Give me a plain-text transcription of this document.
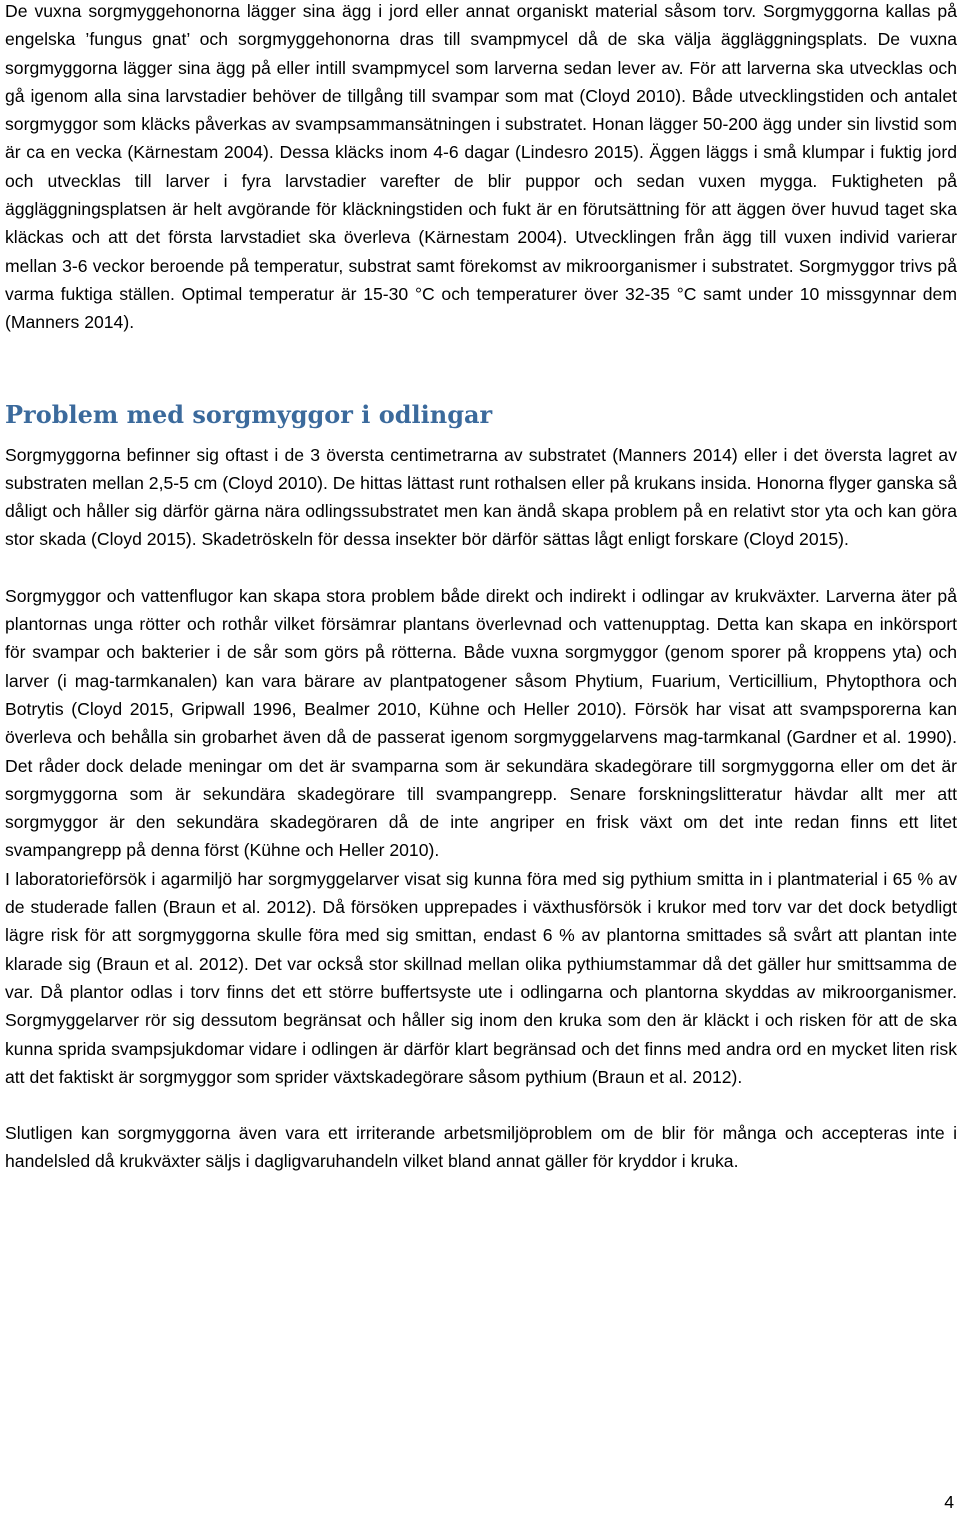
De vuxna sorgmyggehonorna lägger sina ägg i jord eller annat organiskt material såsom torv. Sorgmyggorna kallas på engelska ’fungus gnat’ och sorgmyggehonorna dras till svampmycel då de ska välja äggläggningsplats. De vuxna sorgmyggorna lägger sina ägg på eller intill svampmycel som larverna sedan lever av. För att larverna ska utvecklas och gå igenom alla sina larvstadier behöver de tillgång till svampar som mat (Cloyd 2010). Både utvecklingstiden och antalet sorgmyggor som kläcks påverkas av svampsammansätningen i substratet. Honan lägger 50-200 ägg under sin livstid som är ca en vecka (Kärnestam 2004). Dessa kläcks inom 4-6 dagar (Lindesro 2015). Äggen läggs i små klumpar i fuktig jord och utvecklas till larver i fyra larvstadier varefter de blir puppor och sedan vuxen mygga. Fuktigheten på äggläggningsplatsen är helt avgörande för kläckningstiden och fukt är en förutsättning för att äggen över huvud taget ska kläckas och att det första larvstadiet ska överleva (Kärnestam 2004). Utvecklingen från ägg till vuxen individ varierar mellan 3-6 veckor beroende på temperatur, substrat samt förekomst av mikroorganismer i substratet. Sorgmyggor trivs på varma fuktiga ställen. Optimal temperatur är 15-30 °C och temperaturer över 32-35 °C samt under 10 missgynnar dem (Manners 2014).

Problem med sorgmyggor i odlingar

Sorgmyggorna befinner sig oftast i de 3 översta centimetrarna av substratet (Manners 2014) eller i det översta lagret av substraten mellan 2,5-5 cm (Cloyd 2010). De hittas lättast runt rothalsen eller på krukans insida. Honorna flyger ganska så dåligt och håller sig därför gärna nära odlingssubstratet men kan ändå skapa problem på en relativt stor yta och kan göra stor skada (Cloyd 2015). Skadetröskeln för dessa insekter bör därför sättas lågt enligt forskare (Cloyd 2015).

Sorgmyggor och vattenflugor kan skapa stora problem både direkt och indirekt i odlingar av krukväxter. Larverna äter på plantornas unga rötter och rothår vilket försämrar plantans överlevnad och vattenupptag. Detta kan skapa en inkörsport för svampar och bakterier i de sår som görs på rötterna. Både vuxna sorgmyggor (genom sporer på kroppens yta) och larver (i mag-tarmkanalen) kan vara bärare av plantpatogener såsom Phytium, Fuarium, Verticillium, Phytopthora och Botrytis (Cloyd 2015, Gripwall 1996, Bealmer 2010, Kühne och Heller 2010). Försök har visat att svampsporerna kan överleva och behålla sin grobarhet även då de passerat igenom sorgmyggelarvens mag-tarmkanal (Gardner et al. 1990). Det råder dock delade meningar om det är svamparna som är sekundära skadegörare till sorgmyggorna eller om det är sorgmyggorna som är sekundära skadegörare till svampangrepp. Senare forskningslitteratur hävdar allt mer att sorgmyggor är den sekundära skadegöraren då de inte angriper en frisk växt om det inte redan finns ett litet svampangrepp på denna först (Kühne och Heller 2010).

I laboratorieförsök i agarmiljö har sorgmyggelarver visat sig kunna föra med sig pythium smitta in i plantmaterial i 65 % av de studerade fallen (Braun et al. 2012). Då försöken upprepades i växthusförsök i krukor med torv var det dock betydligt lägre risk för att sorgmyggorna skulle föra med sig smittan, endast 6 % av plantorna smittades så svårt att plantan inte klarade sig (Braun et al. 2012). Det var också stor skillnad mellan olika pythiumstammar då det gäller hur smittsamma de var. Då plantor odlas i torv finns det ett större buffertsyste ute i odlingarna och plantorna skyddas av mikroorganismer. Sorgmyggelarver rör sig dessutom begränsat och håller sig inom den kruka som den är kläckt i och risken för att de ska kunna sprida svampsjukdomar vidare i odlingen är därför klart begränsad och det finns med andra ord en mycket liten risk att det faktiskt är sorgmyggor som sprider växtskadegörare såsom pythium (Braun et al. 2012).

Slutligen kan sorgmyggorna även vara ett irriterande arbetsmiljöproblem om de blir för många och accepteras inte i handelsled då krukväxter säljs i dagligvaruhandeln vilket bland annat gäller för kryddor i kruka.

4
